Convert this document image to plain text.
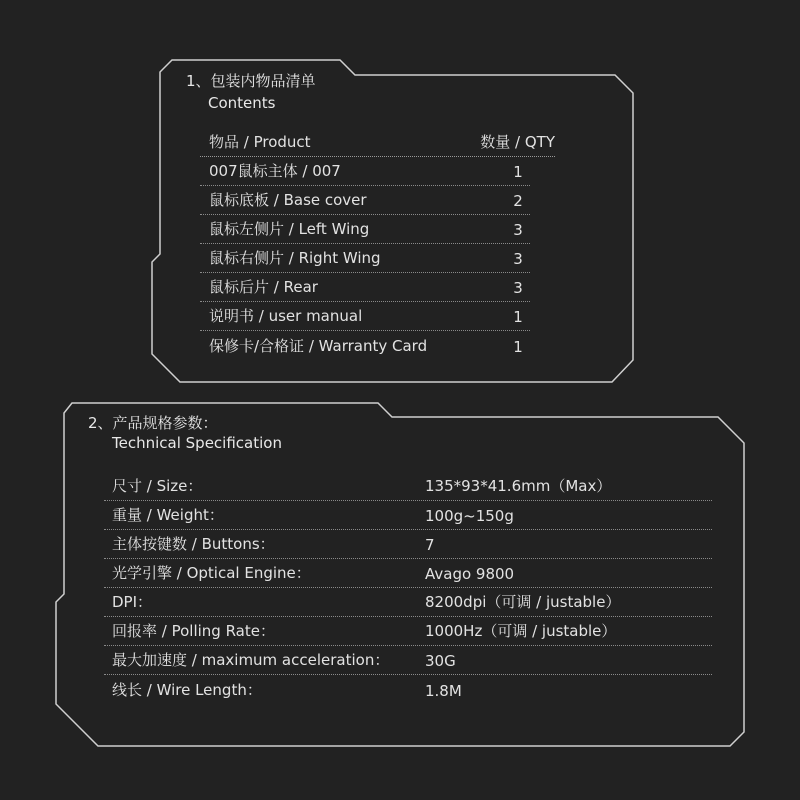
1、包装内物品清单
Contents
物品 / Product	数量 / QTY
007鼠标主体 / 007	1
鼠标底板 / Base cover	2
鼠标左侧片 / Left Wing	3
鼠标右侧片 / Right Wing	3
鼠标后片 / Rear	3
说明书 / user manual	1
保修卡/合格证 / Warranty Card	1
2、产品规格参数：
Technical Specification
尺寸 / Size：	135*93*41.6mm（Max）
重量 / Weight：	100g~150g
主体按键数 / Buttons：	7
光学引擎 / Optical Engine：	Avago 9800
DPI：	8200dpi（可调 / justable）
回报率 / Polling Rate：	1000Hz（可调 / justable）
最大加速度 / maximum acceleration： 30G
线长 / Wire Length：	1.8M
